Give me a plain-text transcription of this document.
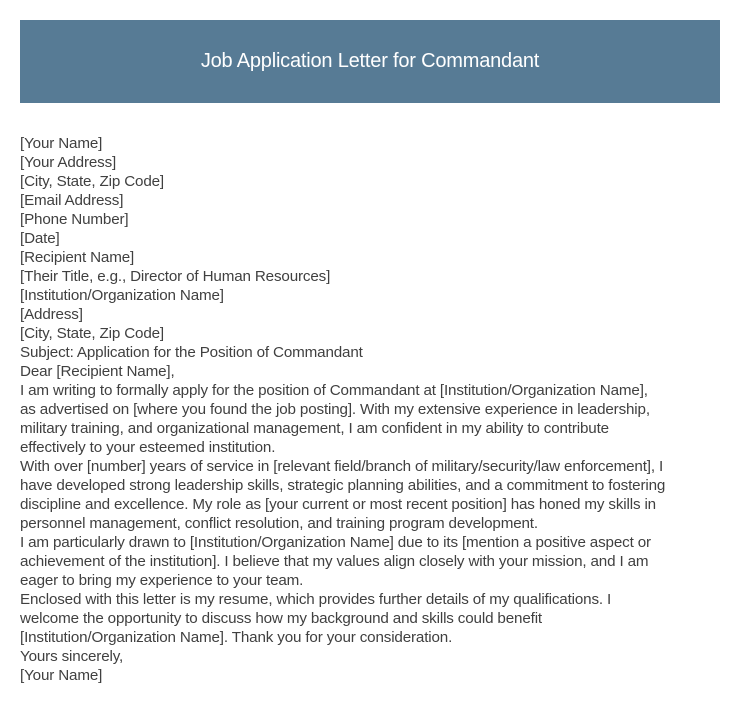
Job Application Letter for Commandant
[Your Name]
[Your Address]
[City, State, Zip Code]
[Email Address]
[Phone Number]
[Date]
[Recipient Name]
[Their Title, e.g., Director of Human Resources]
[Institution/Organization Name]
[Address]
[City, State, Zip Code]
Subject: Application for the Position of Commandant
Dear [Recipient Name],
I am writing to formally apply for the position of Commandant at [Institution/Organization Name],
as advertised on [where you found the job posting]. With my extensive experience in leadership,
military training, and organizational management, I am confident in my ability to contribute
effectively to your esteemed institution.
With over [number] years of service in [relevant field/branch of military/security/law enforcement], I
have developed strong leadership skills, strategic planning abilities, and a commitment to fostering
discipline and excellence. My role as [your current or most recent position] has honed my skills in
personnel management, conflict resolution, and training program development.
I am particularly drawn to [Institution/Organization Name] due to its [mention a positive aspect or
achievement of the institution]. I believe that my values align closely with your mission, and I am
eager to bring my experience to your team.
Enclosed with this letter is my resume, which provides further details of my qualifications. I
welcome the opportunity to discuss how my background and skills could benefit
[Institution/Organization Name]. Thank you for your consideration.
Yours sincerely,
[Your Name]
